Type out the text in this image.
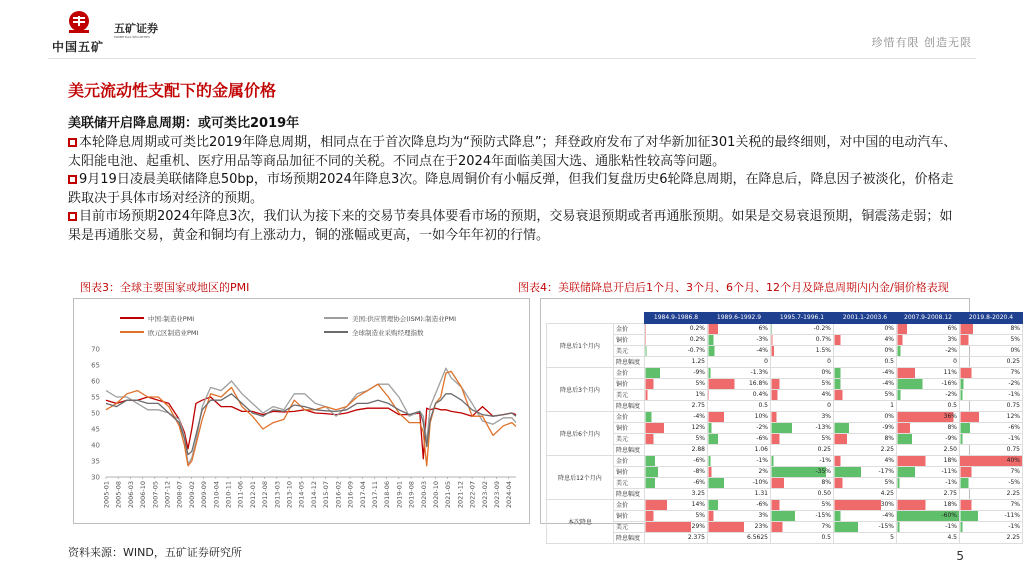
中国五矿
五矿证券
MINMETALS SECURITIES	珍惜有限 创造无限
美元流动性支配下的金属价格
美联储开启降息周期：或可类比2019年

本轮降息周期或可类比2019年降息周期，相同点在于首次降息均为“预防式降息”；拜登政府发布了对华新加征301关税的最终细则，对中国的电动汽车、太阳能电池、起重机、医疗用品等商品加征不同的关税。不同点在于2024年面临美国大选、通胀粘性较高等问题。

9月19日凌晨美联储降息50bp，市场预期2024年降息3次。降息周铜价有小幅反弹，但我们复盘历史6轮降息周期，在降息后，降息因子被淡化，价格走跌取决于具体市场对经济的预期。

目前市场预期2024年降息3次，我们认为接下来的交易节奏具体要看市场的预期，交易衰退预期或者再通胀预期。如果是交易衰退预期，铜震荡走弱；如果是再通胀交易，黄金和铜均有上涨动力，铜的涨幅或更高，一如今年年初的行情。

图表3：全球主要国家或地区的PMI
中国:制造业PMI	美国:供应管理协会(ISM):制造业PMI
欧元区制造业PMI	全球制造业采购经理指数
30
35
40
45
50
55
60
65
70
2005-01 2005-08 2006-03 2006-10 2007-05 2007-12 2008-07 2009-02 2009-09 2010-04 2010-11 2011-06 2012-01 2012-08 2013-03 2013-10 2014-05 2014-12 2015-07 2016-02 2016-09 2017-04 2017-11 2018-06 2019-01 2019-08 2020-03 2020-10 2021-05 2021-12 2022-07 2023-02 2023-09 2024-04
图表4：美联储降息开启后1个月、3个月、6个月、12个月及降息周期内内金/铜价格表现
		1984.9-1986.8	1989.6-1992.9	1995.7-1996.1	2001.1-2003.6	2007.9-2008.12	2019.8-2020.4
降息后1个月内	金价	0.2%	6%	-0.2%	0%	6%	8%
	铜价	0.2%	-3%	0.7%	4%	3%	5%
	美元	-0.7%	-4%	1.5%	0%	-2%	0%
	降息幅度	1.25	0	0	0.5	0	0.25
降息后3个月内	金价	-9%	-1.3%	0%	-4%	11%	7%
	铜价	5%	16.8%	5%	-4%	-16%	-2%
	美元	1%	0.4%	4%	5%	-2%	-1%
	降息幅度	2.75	0.5	0	1	0.5	0.75
降息后6个月内	金价	-4%	10%	3%	0%	36%	12%
	铜价	12%	-2%	-13%	-9%	8%	-6%
	美元	5%	-6%	5%	8%	-9%	-1%
	降息幅度	2.88	1.06	0.25	2.25	2.50	0.75
降息后12个月内	金价	-6%	-1%	-1%	4%	18%	40%
	铜价	-8%	2%	-35%	-17%	-11%	7%
	美元	-6%	-10%	8%	5%	-1%	-5%
	降息幅度	3.25	1.31	0.50	4.25	2.75	2.25
本次降息	金价	14%	-6%	5%	30%	18%	7%
	铜价	5%	3%	-15%	-4%	-60%	-11%
	美元	29%	23%	7%	-15%	-1%	-1%
	降息幅度	2.375	6.5625	0.5	5	4.5	2.25
资料来源：WIND，五矿证券研究所	5
